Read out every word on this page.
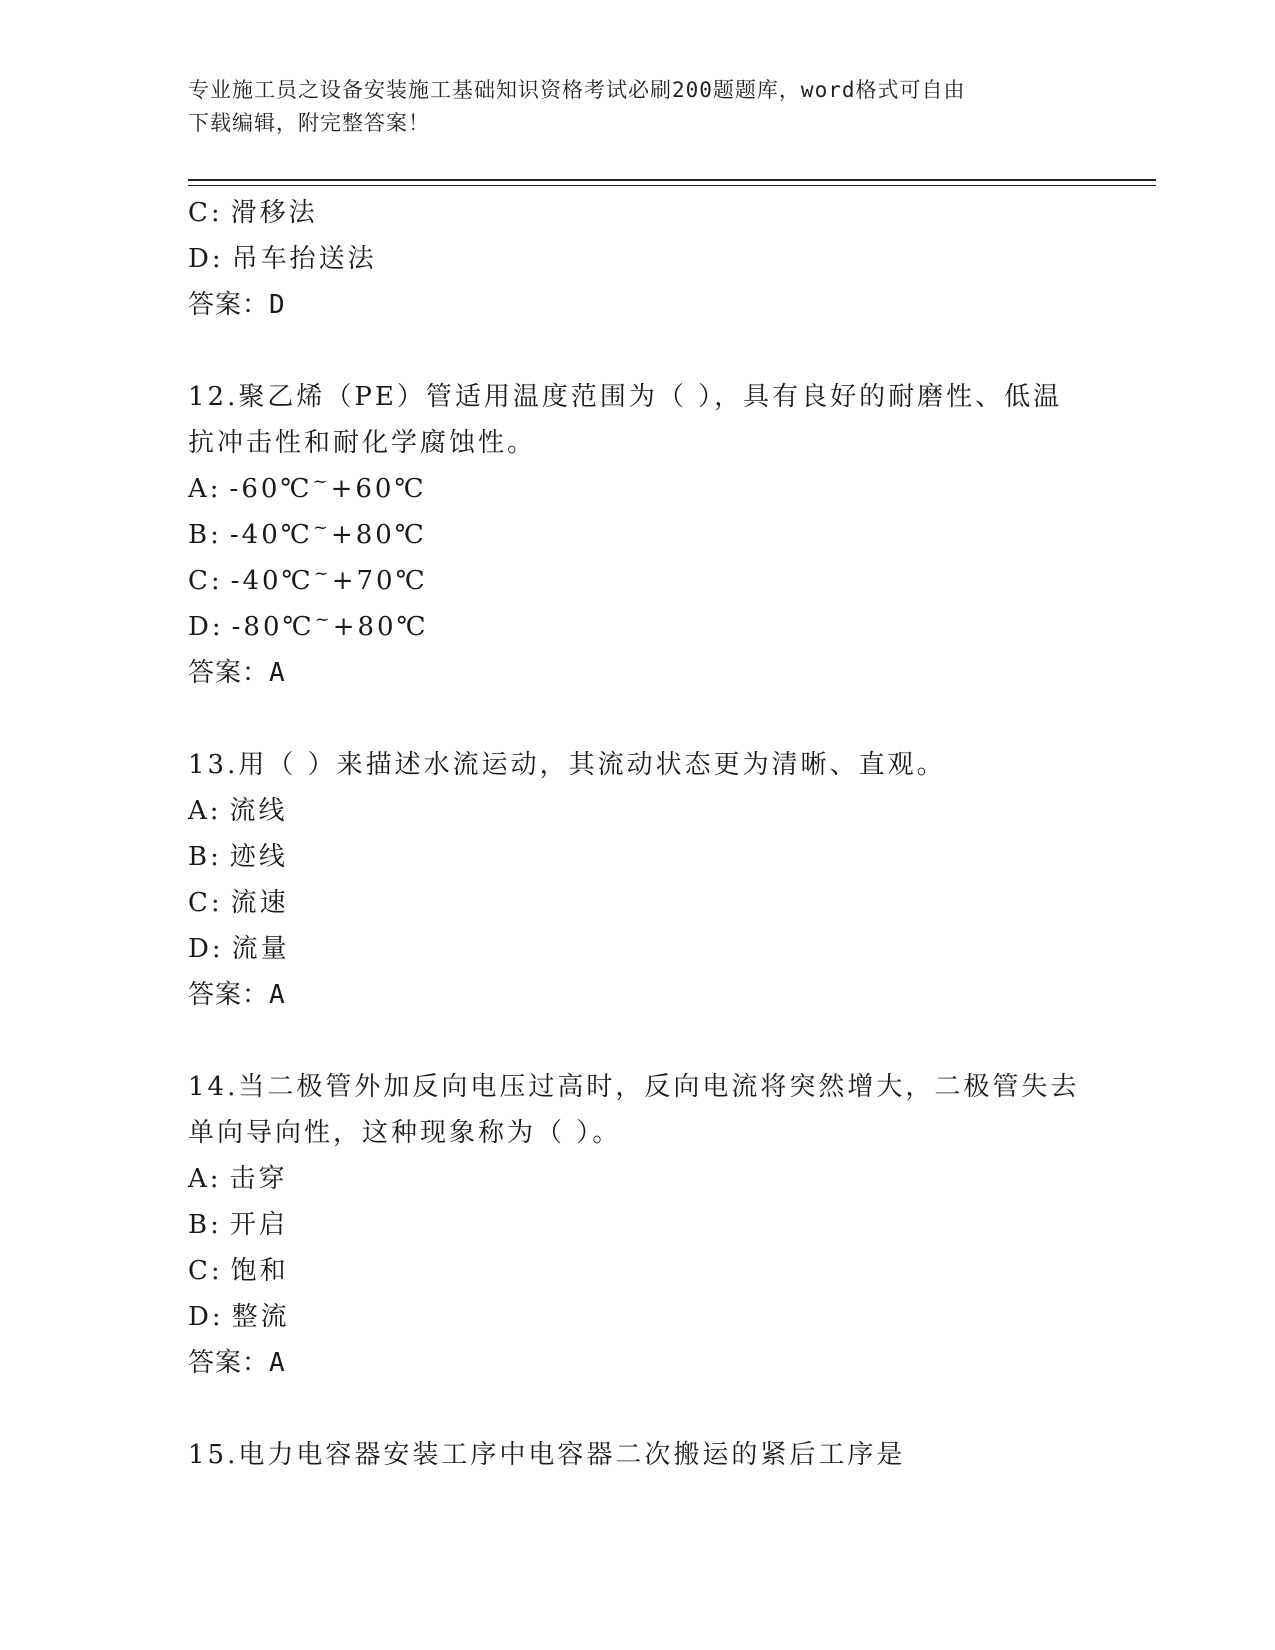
专业施工员之设备安装施工基础知识资格考试必刷200题题库，word格式可自由
下载编辑，附完整答案！
C: 滑移法
D: 吊车抬送法
答案：D
12.聚乙烯（PE）管适用温度范围为（ ），具有良好的耐磨性、低温
抗冲击性和耐化学腐蚀性。
A: -60℃~+60℃
B: -40℃~+80℃
C: -40℃~+70℃
D: -80℃~+80℃
答案：A
13.用（ ）来描述水流运动，其流动状态更为清晰、直观。
A: 流线
B: 迹线
C: 流速
D: 流量
答案：A
14.当二极管外加反向电压过高时，反向电流将突然增大，二极管失去
单向导向性，这种现象称为（ ）。
A: 击穿
B: 开启
C: 饱和
D: 整流
答案：A
15.电力电容器安装工序中电容器二次搬运的紧后工序是
